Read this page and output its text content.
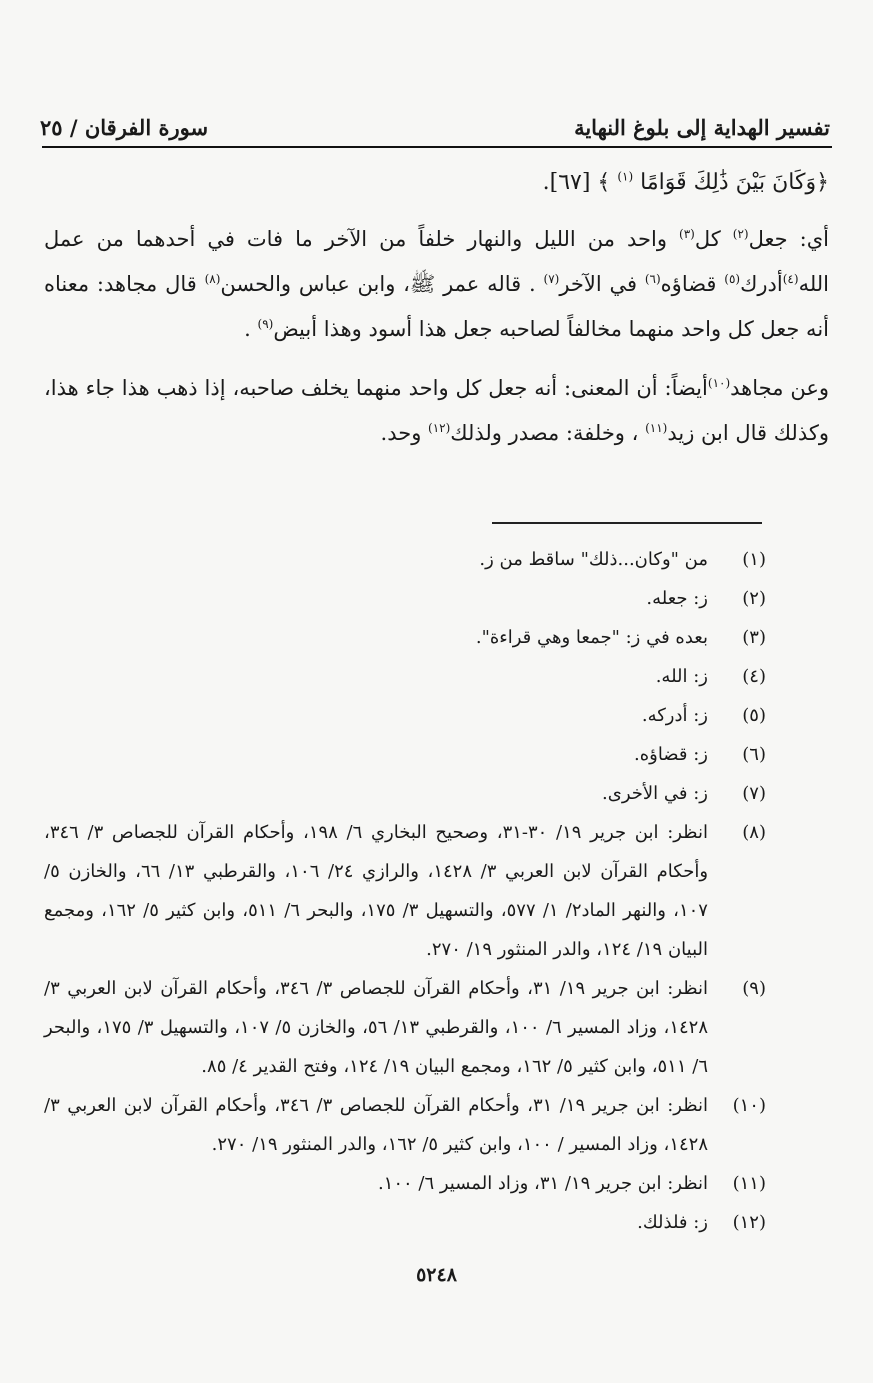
تفسير الهداية إلى بلوغ النهاية
سورة الفرقان / ٢٥

﴿وَكَانَ بَيْنَ ذَٰلِكَ قَوَامًا $^{(١)}$ ﴾ [٦٧].

أي: جعل$^{(٢)}$ كل$^{(٣)}$ واحد من الليل والنهار خلفاً من الآخر ما فات في أحدهما من عمل الله$^{(٤)}$أدرك$^{(٥)}$ قضاؤه$^{(٦)}$ في الآخر$^{(٧)}$ . قاله عمر ﷺ، وابن عباس والحسن$^{(٨)}$ قال مجاهد: معناه أنه جعل كل واحد منهما مخالفاً لصاحبه جعل هذا أسود وهذا أبيض$^{(٩)}$ .

وعن مجاهد$^{(١٠)}$أيضاً: أن المعنى: أنه جعل كل واحد منهما يخلف صاحبه، إذا ذهب هذا جاء هذا، وكذلك قال ابن زيد$^{(١١)}$ ، وخلفة: مصدر ولذلك$^{(١٢)}$ وحد.

(١)
من "وكان...ذلك" ساقط من ز.
(٢)
ز: جعله.
(٣)
بعده في ز: "جمعا وهي قراءة".
(٤)
ز: الله.
(٥)
ز: أدركه.
(٦)
ز: قضاؤه.
(٧)
ز: في الأخرى.
(٨)
انظر: ابن جرير ١٩/ ٣٠-٣١، وصحيح البخاري ٦/ ١٩٨، وأحكام القرآن للجصاص ٣/ ٣٤٦، وأحكام القرآن لابن العربي ٣/ ١٤٢٨، والرازي ٢٤/ ١٠٦، والقرطبي ١٣/ ٦٦، والخازن ٥/ ١٠٧، والنهر الماد٢/ ١/ ٥٧٧، والتسهيل ٣/ ١٧٥، والبحر ٦/ ٥١١، وابن كثير ٥/ ١٦٢، ومجمع البيان ١٩/ ١٢٤، والدر المنثور ١٩/ ٢٧٠.
(٩)
انظر: ابن جرير ١٩/ ٣١، وأحكام القرآن للجصاص ٣/ ٣٤٦، وأحكام القرآن لابن العربي ٣/ ١٤٢٨، وزاد المسير ٦/ ١٠٠، والقرطبي ١٣/ ٥٦، والخازن ٥/ ١٠٧، والتسهيل ٣/ ١٧٥، والبحر ٦/ ٥١١، وابن كثير ٥/ ١٦٢، ومجمع البيان ١٩/ ١٢٤، وفتح القدير ٤/ ٨٥.
(١٠)
انظر: ابن جرير ١٩/ ٣١، وأحكام القرآن للجصاص ٣/ ٣٤٦، وأحكام القرآن لابن العربي ٣/ ١٤٢٨، وزاد المسير / ١٠٠، وابن كثير ٥/ ١٦٢، والدر المنثور ١٩/ ٢٧٠.
(١١)
انظر: ابن جرير ١٩/ ٣١، وزاد المسير ٦/ ١٠٠.
(١٢)
ز: فلذلك.
٥٢٤٨
